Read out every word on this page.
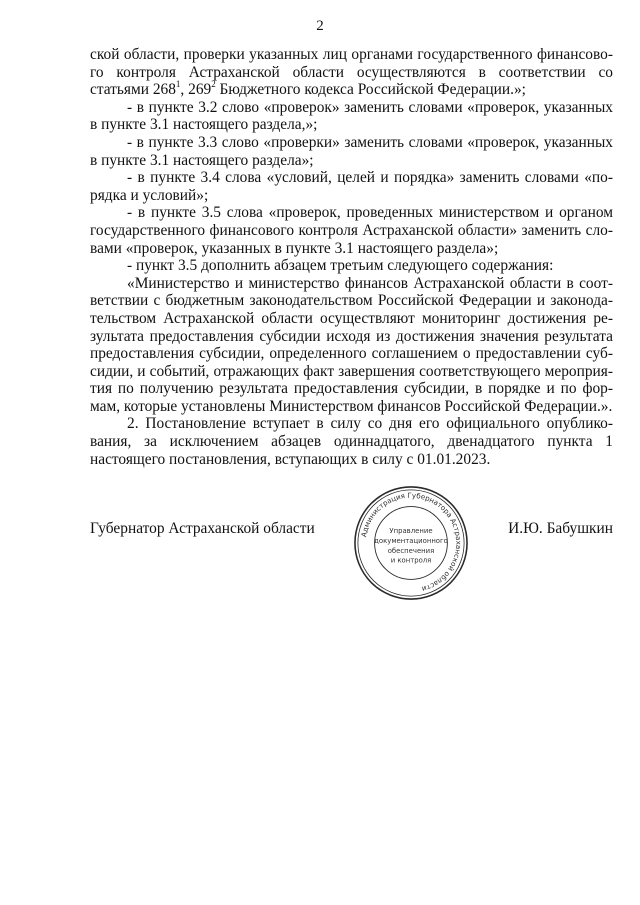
2

ской области, проверки указанных лиц органами государственного финансового контроля Астраханской области осуществляются в соответствии со статьями $268^1$, $269^2$ Бюджетного кодекса Российской Федерации.»;

- в пункте 3.2 слово «проверок» заменить словами «проверок, указанных в пункте 3.1 настоящего раздела,»;

- в пункте 3.3 слово «проверки» заменить словами «проверок, указанных в пункте 3.1 настоящего раздела»;

- в пункте 3.4 слова «условий, целей и порядка» заменить словами «порядка и условий»;

- в пункте 3.5 слова «проверок, проведенных министерством и органом государственного финансового контроля Астраханской области» заменить словами «проверок, указанных в пункте 3.1 настоящего раздела»;

- пункт 3.5 дополнить абзацем третьим следующего содержания:

«Министерство и министерство финансов Астраханской области в соответствии с бюджетным законодательством Российской Федерации и законодательством Астраханской области осуществляют мониторинг достижения результата предоставления субсидии исходя из достижения значения результата предоставления субсидии, определенного соглашением о предоставлении субсидии, и событий, отражающих факт завершения соответствующего мероприятия по получению результата предоставления субсидии, в порядке и по формам, которые установлены Министерством финансов Российской Федерации.».

2. Постановление вступает в силу со дня его официального опубликования, за исключением абзацев одиннадцатого, двенадцатого пункта 1 настоящего постановления, вступающих в силу с 01.01.2023.

Губернатор Астраханской области	Администрация Губернатора Астраханской области
Управление
документационного
обеспечения
и контроля
И.Ю. Бабушкин
